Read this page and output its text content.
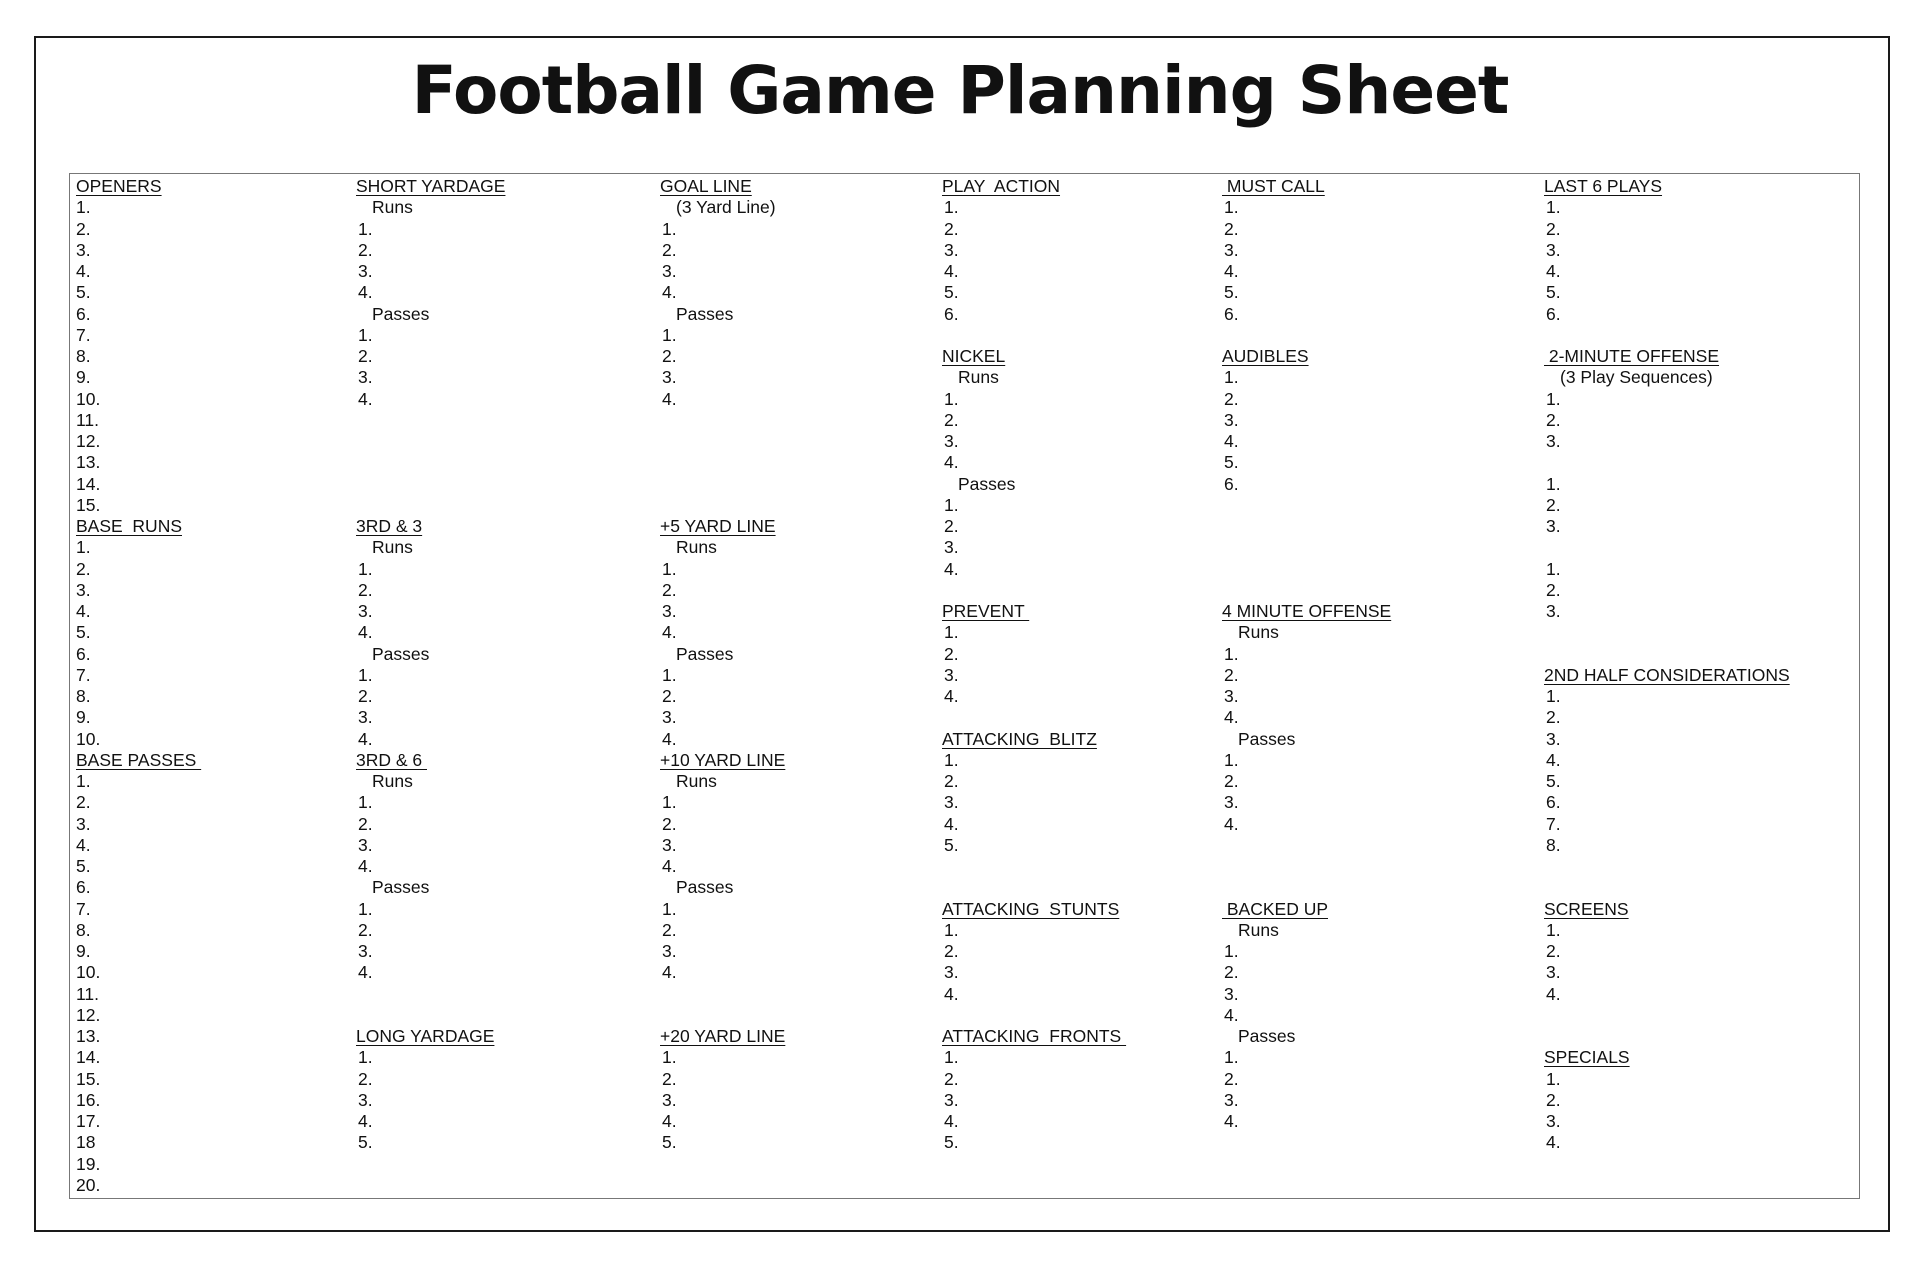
Football Game Planning Sheet
OPENERS
1.
2.
3.
4.
5.
6.
7.
8.
9.
10.
11.
12.
13.
14.
15.
BASE  RUNS
1.
2.
3.
4.
5.
6.
7.
8.
9.
10.
BASE PASSES
1.
2.
3.
4.
5.
6.
7.
8.
9.
10.
11.
12.
13.
14.
15.
16.
17.
18
19.
20.
SHORT YARDAGE
Runs
1.
2.
3.
4.
Passes
1.
2.
3.
4.
3RD & 3
Runs
1.
2.
3.
4.
Passes
1.
2.
3.
4.
3RD & 6
Runs
1.
2.
3.
4.
Passes
1.
2.
3.
4.
LONG YARDAGE
1.
2.
3.
4.
5.
GOAL LINE
(3 Yard Line)
1.
2.
3.
4.
Passes
1.
2.
3.
4.
+5 YARD LINE
Runs
1.
2.
3.
4.
Passes
1.
2.
3.
4.
+10 YARD LINE
Runs
1.
2.
3.
4.
Passes
1.
2.
3.
4.
+20 YARD LINE
1.
2.
3.
4.
5.
PLAY  ACTION
1.
2.
3.
4.
5.
6.
NICKEL
Runs
1.
2.
3.
4.
Passes
1.
2.
3.
4.
PREVENT
1.
2.
3.
4.
ATTACKING  BLITZ
1.
2.
3.
4.
5.
ATTACKING  STUNTS
1.
2.
3.
4.
ATTACKING  FRONTS
1.
2.
3.
4.
5.
MUST CALL
1.
2.
3.
4.
5.
6.
AUDIBLES
1.
2.
3.
4.
5.
6.
4 MINUTE OFFENSE
Runs
1.
2.
3.
4.
Passes
1.
2.
3.
4.
BACKED UP
Runs
1.
2.
3.
4.
Passes
1.
2.
3.
4.
LAST 6 PLAYS
1.
2.
3.
4.
5.
6.
2-MINUTE OFFENSE
(3 Play Sequences)
1.
2.
3.
1.
2.
3.
1.
2.
3.
2ND HALF CONSIDERATIONS
1.
2.
3.
4.
5.
6.
7.
8.
SCREENS
1.
2.
3.
4.
SPECIALS
1.
2.
3.
4.
